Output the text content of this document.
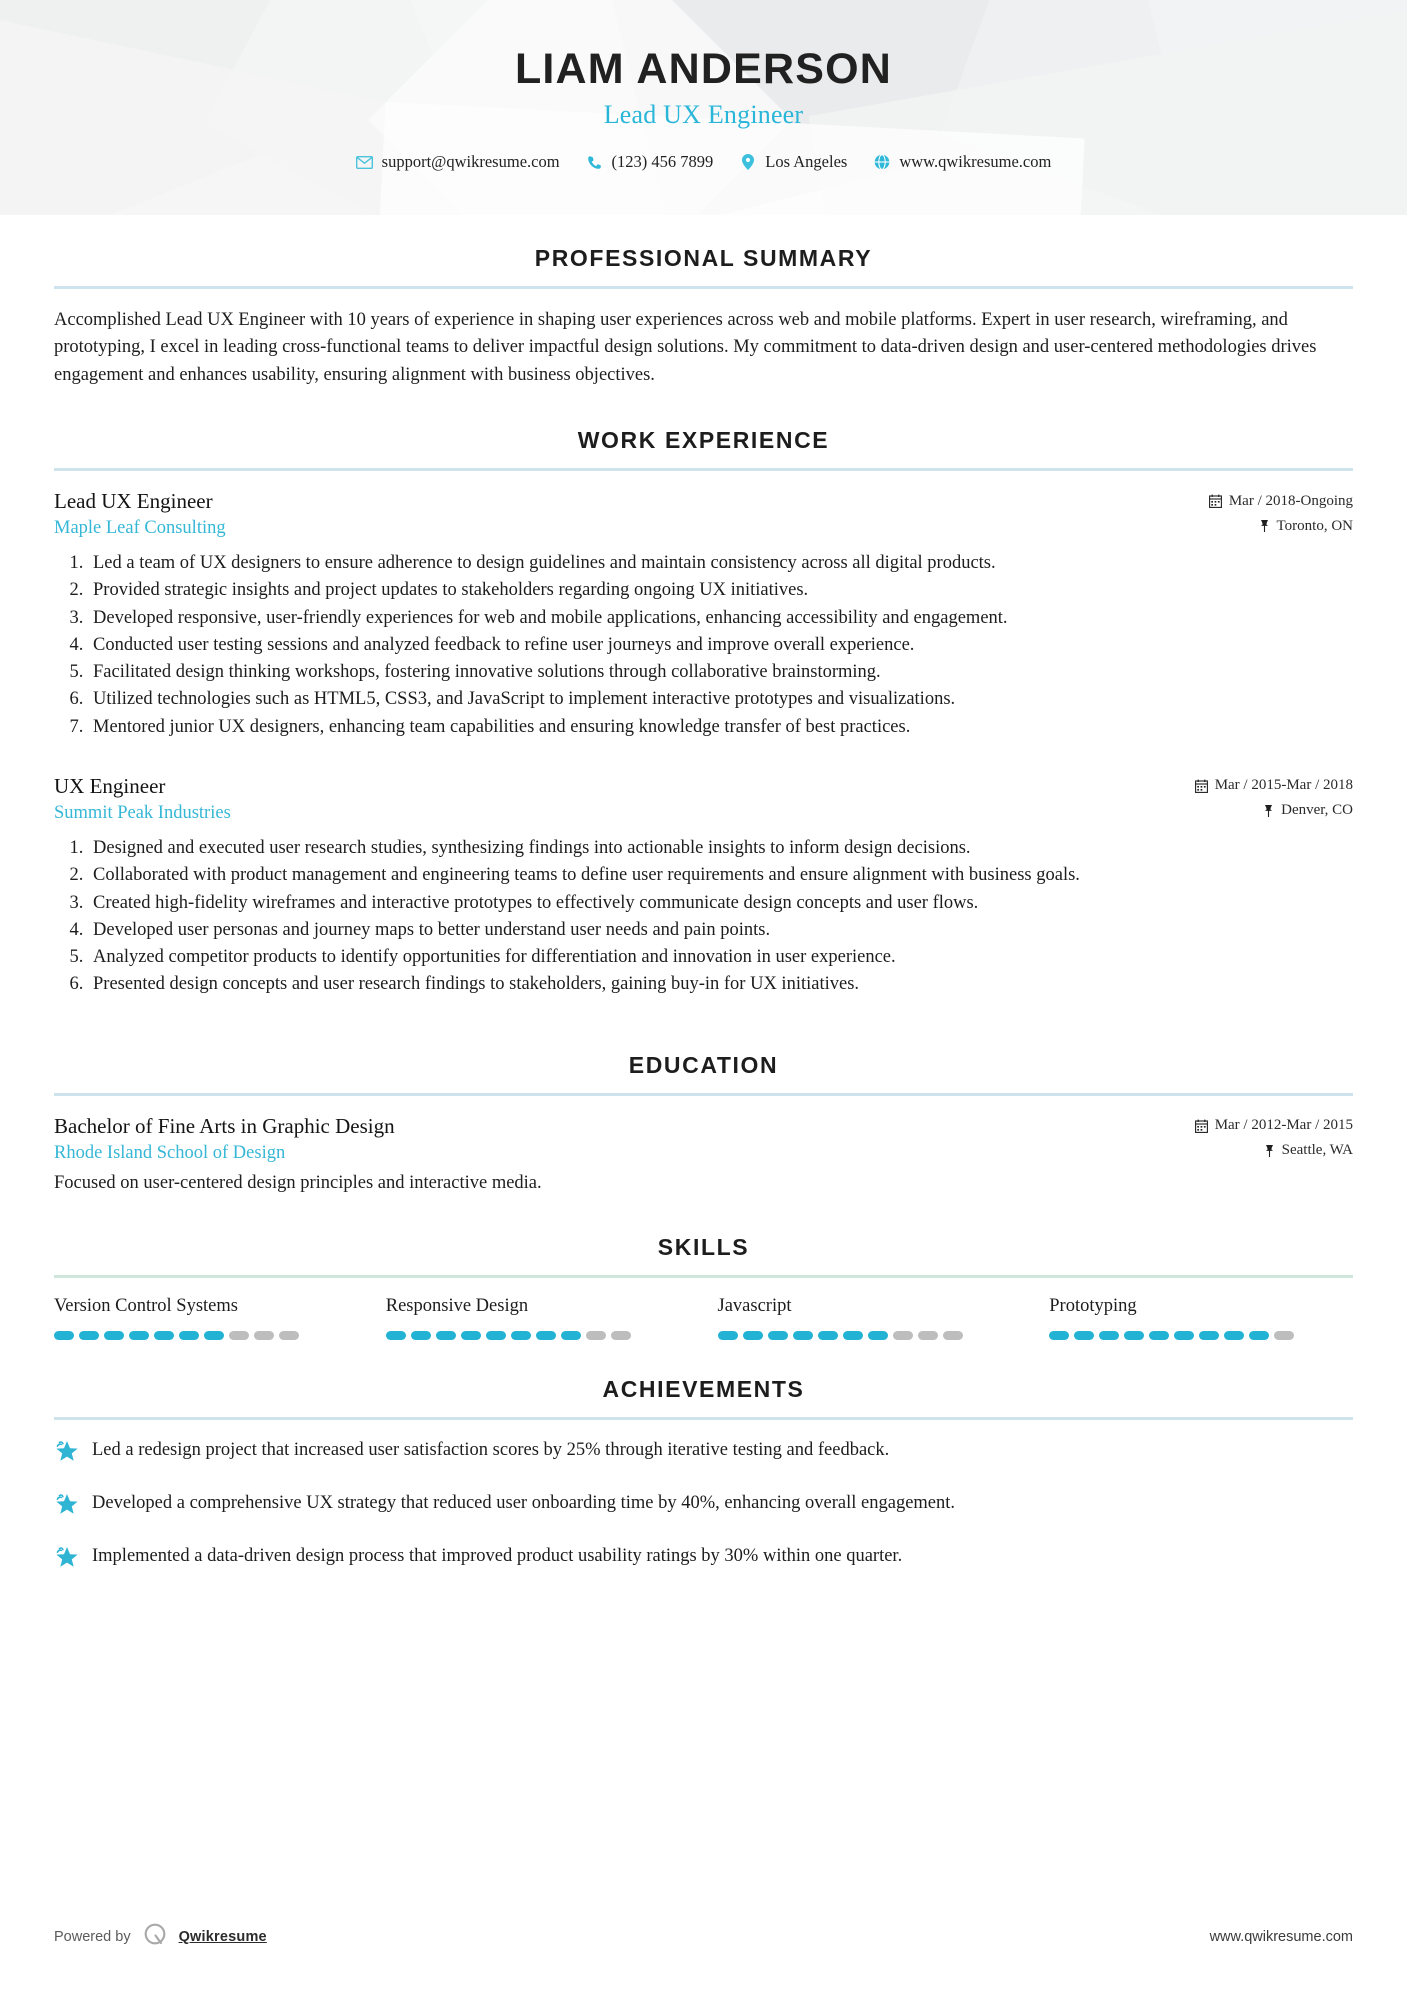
LIAM ANDERSON
Lead UX Engineer
support@qwikresume.com	(123) 456 7899	Los Angeles	www.qwikresume.com
PROFESSIONAL SUMMARY
Accomplished Lead UX Engineer with 10 years of experience in shaping user experiences across web and mobile platforms. Expert in user research, wireframing, and prototyping, I excel in leading cross-functional teams to deliver impactful design solutions. My commitment to data-driven design and user-centered methodologies drives engagement and enhances usability, ensuring alignment with business objectives.
WORK EXPERIENCE
Lead UX Engineer	Mar / 2018-Ongoing
Maple Leaf Consulting	Toronto, ON
1. Led a team of UX designers to ensure adherence to design guidelines and maintain consistency across all digital products.
2. Provided strategic insights and project updates to stakeholders regarding ongoing UX initiatives.
3. Developed responsive, user-friendly experiences for web and mobile applications, enhancing accessibility and engagement.
4. Conducted user testing sessions and analyzed feedback to refine user journeys and improve overall experience.
5. Facilitated design thinking workshops, fostering innovative solutions through collaborative brainstorming.
6. Utilized technologies such as HTML5, CSS3, and JavaScript to implement interactive prototypes and visualizations.
7. Mentored junior UX designers, enhancing team capabilities and ensuring knowledge transfer of best practices.
UX Engineer	Mar / 2015-Mar / 2018
Summit Peak Industries	Denver, CO
1. Designed and executed user research studies, synthesizing findings into actionable insights to inform design decisions.
2. Collaborated with product management and engineering teams to define user requirements and ensure alignment with business goals.
3. Created high-fidelity wireframes and interactive prototypes to effectively communicate design concepts and user flows.
4. Developed user personas and journey maps to better understand user needs and pain points.
5. Analyzed competitor products to identify opportunities for differentiation and innovation in user experience.
6. Presented design concepts and user research findings to stakeholders, gaining buy-in for UX initiatives.
EDUCATION
Bachelor of Fine Arts in Graphic Design	Mar / 2012-Mar / 2015
Rhode Island School of Design	Seattle, WA
Focused on user-centered design principles and interactive media.
SKILLS
Version Control Systems	Responsive Design	Javascript	Prototyping
ACHIEVEMENTS
Led a redesign project that increased user satisfaction scores by 25% through iterative testing and feedback.
Developed a comprehensive UX strategy that reduced user onboarding time by 40%, enhancing overall engagement.
Implemented a data-driven design process that improved product usability ratings by 30% within one quarter.
Powered by	Qwikresume	www.qwikresume.com
